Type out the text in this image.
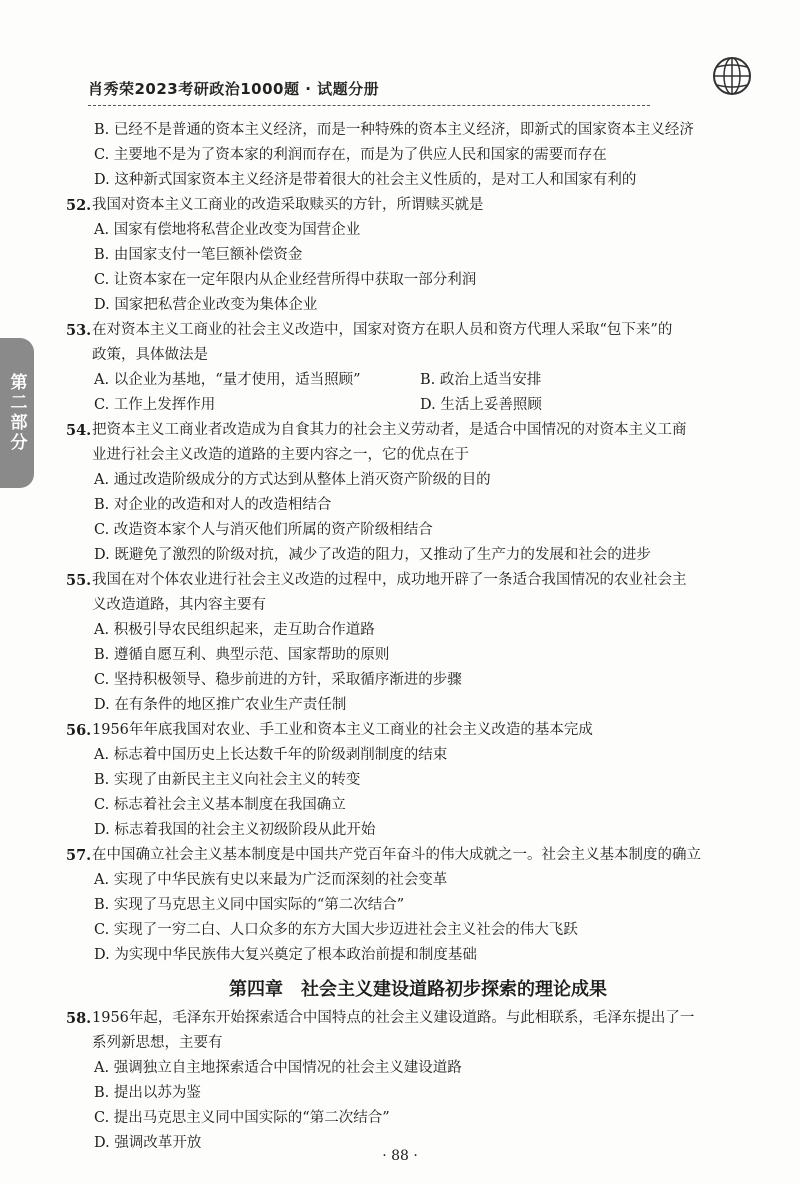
肖秀荣2023考研政治1000题 · 试题分册
第二部分
B. 已经不是普通的资本主义经济，而是一种特殊的资本主义经济，即新式的国家资本主义经济
C. 主要地不是为了资本家的利润而存在，而是为了供应人民和国家的需要而存在
D. 这种新式国家资本主义经济是带着很大的社会主义性质的，是对工人和国家有利的
52. 我国对资本主义工商业的改造采取赎买的方针，所谓赎买就是
A. 国家有偿地将私营企业改变为国营企业
B. 由国家支付一笔巨额补偿资金
C. 让资本家在一定年限内从企业经营所得中获取一部分利润
D. 国家把私营企业改变为集体企业
53. 在对资本主义工商业的社会主义改造中，国家对资方在职人员和资方代理人采取“包下来”的
政策，具体做法是
A. 以企业为基地，“量才使用，适当照顾”	B. 政治上适当安排
C. 工作上发挥作用	D. 生活上妥善照顾
54. 把资本主义工商业者改造成为自食其力的社会主义劳动者，是适合中国情况的对资本主义工商
业进行社会主义改造的道路的主要内容之一，它的优点在于
A. 通过改造阶级成分的方式达到从整体上消灭资产阶级的目的
B. 对企业的改造和对人的改造相结合
C. 改造资本家个人与消灭他们所属的资产阶级相结合
D. 既避免了激烈的阶级对抗，减少了改造的阻力，又推动了生产力的发展和社会的进步
55. 我国在对个体农业进行社会主义改造的过程中，成功地开辟了一条适合我国情况的农业社会主
义改造道路，其内容主要有
A. 积极引导农民组织起来，走互助合作道路
B. 遵循自愿互利、典型示范、国家帮助的原则
C. 坚持积极领导、稳步前进的方针，采取循序渐进的步骤
D. 在有条件的地区推广农业生产责任制
56. 1956年年底我国对农业、手工业和资本主义工商业的社会主义改造的基本完成
A. 标志着中国历史上长达数千年的阶级剥削制度的结束
B. 实现了由新民主主义向社会主义的转变
C. 标志着社会主义基本制度在我国确立
D. 标志着我国的社会主义初级阶段从此开始
57. 在中国确立社会主义基本制度是中国共产党百年奋斗的伟大成就之一。社会主义基本制度的确立
A. 实现了中华民族有史以来最为广泛而深刻的社会变革
B. 实现了马克思主义同中国实际的“第二次结合”
C. 实现了一穷二白、人口众多的东方大国大步迈进社会主义社会的伟大飞跃
D. 为实现中华民族伟大复兴奠定了根本政治前提和制度基础
第四章　社会主义建设道路初步探索的理论成果
58. 1956年起，毛泽东开始探索适合中国特点的社会主义建设道路。与此相联系，毛泽东提出了一
系列新思想，主要有
A. 强调独立自主地探索适合中国情况的社会主义建设道路
B. 提出以苏为鉴
C. 提出马克思主义同中国实际的“第二次结合”
D. 强调改革开放
· 88 ·
